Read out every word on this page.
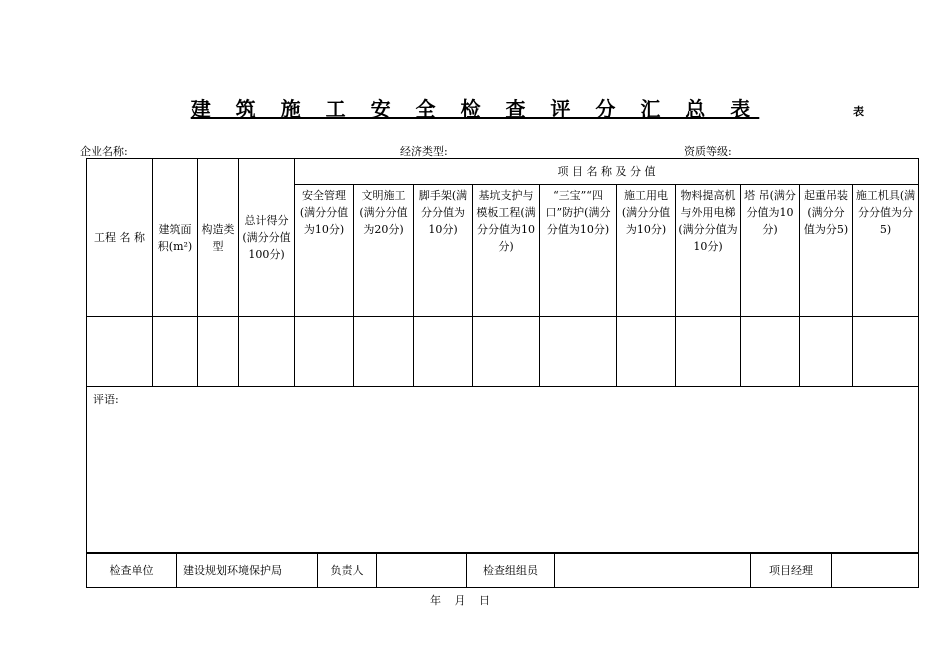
建 筑 施 工 安 全 检 查 评 分 汇 总 表	表
企业名称:	经济类型:	资质等级:
工程 名 称	建筑面积(m²)	构造类型	总计得分(满分分值100分)	项 目 名 称 及 分 值									
				安全管理(满分分值为10分)	文明施工(满分分值为20分)	脚手架(满分分值为10分)	基坑支护与模板工程(满分分值为10分)	“三宝”“四口”防护(满分分值为10分)	施工用电(满分分值为10分)	物料提高机与外用电梯(满分分值为10分)	塔 吊(满分分值为10分)	起重吊装(满分分值为分5)	施工机具(满分分值为分5)

评语:													
检查单位	建设规划环境保护局	负责人		检查组组员		项目经理	
年 月 日
